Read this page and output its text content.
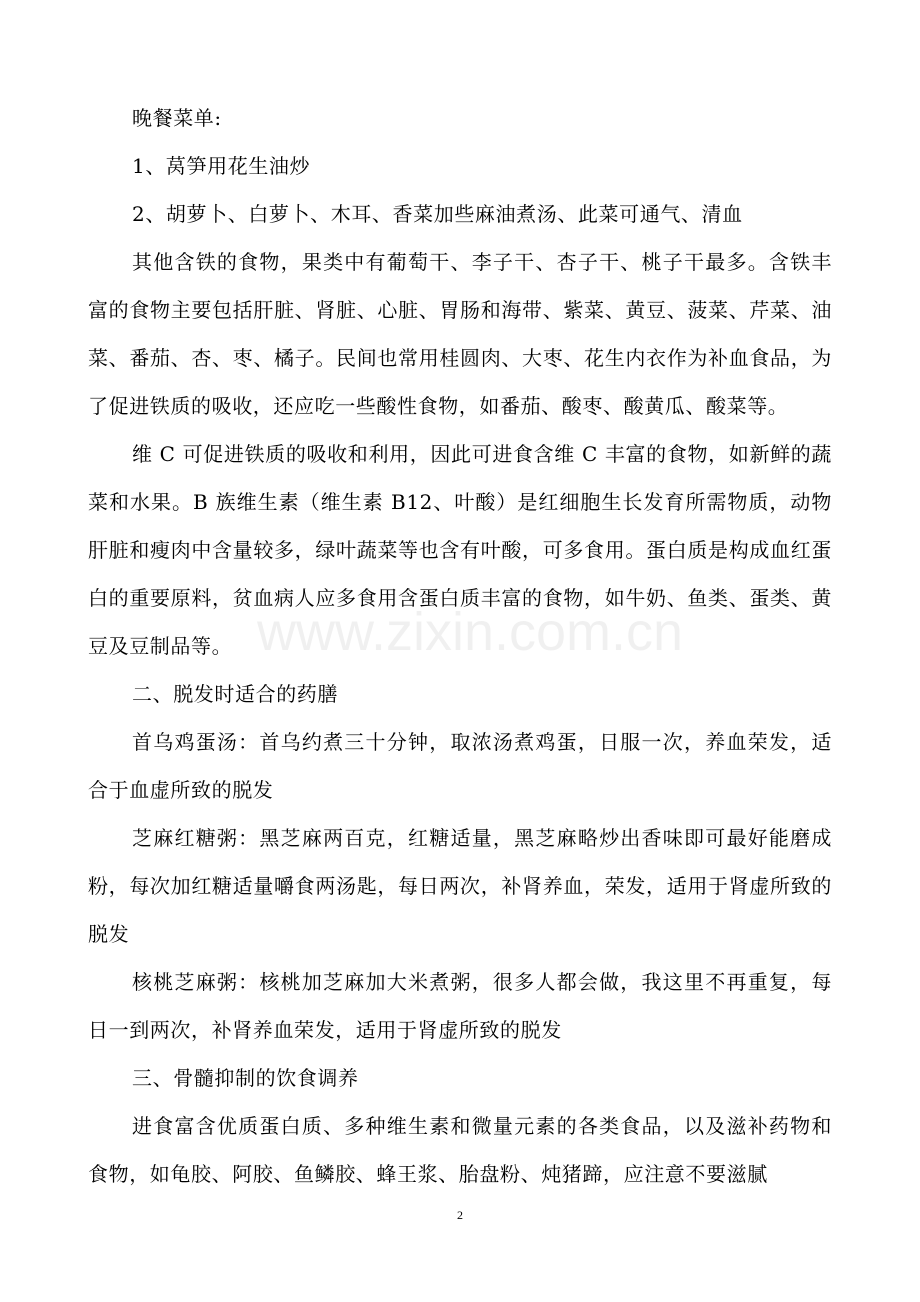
晚餐菜单:

1、莴笋用花生油炒

2、胡萝卜、白萝卜、木耳、香菜加些麻油煮汤、此菜可通气、清血

其他含铁的食物，果类中有葡萄干、李子干、杏子干、桃子干最多。含铁丰富的食物主要包括肝脏、肾脏、心脏、胃肠和海带、紫菜、黄豆、菠菜、芹菜、油菜、番茄、杏、枣、橘子。民间也常用桂圆肉、大枣、花生内衣作为补血食品，为了促进铁质的吸收，还应吃一些酸性食物，如番茄、酸枣、酸黄瓜、酸菜等。

维 C 可促进铁质的吸收和利用，因此可进食含维 C 丰富的食物，如新鲜的蔬菜和水果。B 族维生素（维生素 B12、叶酸）是红细胞生长发育所需物质，动物肝脏和瘦肉中含量较多，绿叶蔬菜等也含有叶酸，可多食用。蛋白质是构成血红蛋白的重要原料，贫血病人应多食用含蛋白质丰富的食物，如牛奶、鱼类、蛋类、黄豆及豆制品等。

二、脱发时适合的药膳

首乌鸡蛋汤：首乌约煮三十分钟，取浓汤煮鸡蛋，日服一次，养血荣发，适合于血虚所致的脱发

芝麻红糖粥：黑芝麻两百克，红糖适量，黑芝麻略炒出香味即可最好能磨成粉，每次加红糖适量嚼食两汤匙，每日两次，补肾养血，荣发，适用于肾虚所致的脱发

核桃芝麻粥：核桃加芝麻加大米煮粥，很多人都会做，我这里不再重复，每日一到两次，补肾养血荣发，适用于肾虚所致的脱发

三、骨髓抑制的饮食调养

进食富含优质蛋白质、多种维生素和微量元素的各类食品，以及滋补药物和食物，如龟胶、阿胶、鱼鳞胶、蜂王浆、胎盘粉、炖猪蹄，应注意不要滋腻

www.zixin.com.cn
2
